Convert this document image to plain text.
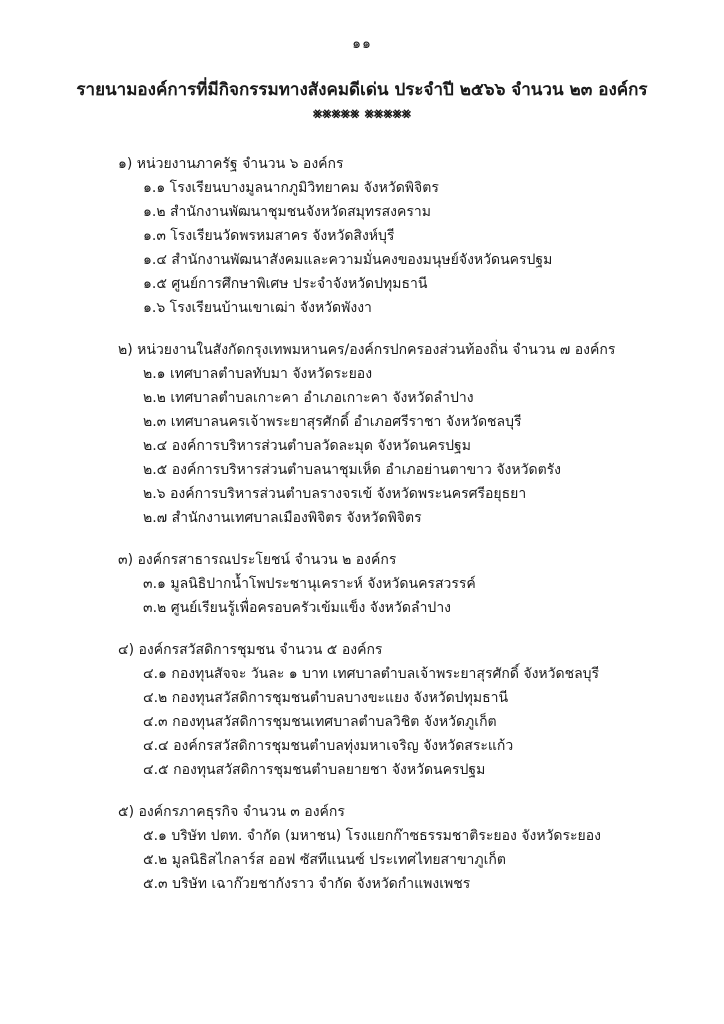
๑๑
รายนามองค์การที่มีกิจกรรมทางสังคมดีเด่น ประจำปี ๒๕๖๖ จำนวน ๒๓ องค์กร
⨳⨳⨳⨳⨳ ⨳⨳⨳⨳⨳
๑) หน่วยงานภาครัฐ จำนวน ๖ องค์กร
๑.๑ โรงเรียนบางมูลนากภูมิวิทยาคม จังหวัดพิจิตร
๑.๒ สำนักงานพัฒนาชุมชนจังหวัดสมุทรสงคราม
๑.๓ โรงเรียนวัดพรหมสาคร จังหวัดสิงห์บุรี
๑.๔ สำนักงานพัฒนาสังคมและความมั่นคงของมนุษย์จังหวัดนครปฐม
๑.๕ ศูนย์การศึกษาพิเศษ ประจำจังหวัดปทุมธานี
๑.๖ โรงเรียนบ้านเขาเฒ่า จังหวัดพังงา
๒) หน่วยงานในสังกัดกรุงเทพมหานคร/องค์กรปกครองส่วนท้องถิ่น จำนวน ๗ องค์กร
๒.๑ เทศบาลตำบลทับมา จังหวัดระยอง
๒.๒ เทศบาลตำบลเกาะคา อำเภอเกาะคา จังหวัดลำปาง
๒.๓ เทศบาลนครเจ้าพระยาสุรศักดิ์ อำเภอศรีราชา จังหวัดชลบุรี
๒.๔ องค์การบริหารส่วนตำบลวัดละมุด จังหวัดนครปฐม
๒.๕ องค์การบริหารส่วนตำบลนาชุมเห็ด อำเภอย่านตาขาว จังหวัดตรัง
๒.๖ องค์การบริหารส่วนตำบลรางจรเข้ จังหวัดพระนครศรีอยุธยา
๒.๗ สำนักงานเทศบาลเมืองพิจิตร จังหวัดพิจิตร
๓) องค์กรสาธารณประโยชน์ จำนวน ๒ องค์กร
๓.๑ มูลนิธิปากน้ำโพประชานุเคราะห์ จังหวัดนครสวรรค์
๓.๒ ศูนย์เรียนรู้เพื่อครอบครัวเข้มแข็ง จังหวัดลำปาง
๔) องค์กรสวัสดิการชุมชน จำนวน ๕ องค์กร
๔.๑ กองทุนสัจจะ วันละ ๑ บาท เทศบาลตำบลเจ้าพระยาสุรศักดิ์ จังหวัดชลบุรี
๔.๒ กองทุนสวัสดิการชุมชนตำบลบางขะแยง จังหวัดปทุมธานี
๔.๓ กองทุนสวัสดิการชุมชนเทศบาลตำบลวิชิต จังหวัดภูเก็ต
๔.๔ องค์กรสวัสดิการชุมชนตำบลทุ่งมหาเจริญ จังหวัดสระแก้ว
๔.๕ กองทุนสวัสดิการชุมชนตำบลยายชา จังหวัดนครปฐม
๕) องค์กรภาคธุรกิจ จำนวน ๓ องค์กร
๕.๑ บริษัท ปตท. จำกัด (มหาชน) โรงแยกก๊าซธรรมชาติระยอง จังหวัดระยอง
๕.๒ มูลนิธิสไกลาร์ส ออฟ ซัสทีแนนซ์ ประเทศไทยสาขาภูเก็ต
๕.๓ บริษัท เฉาก๊วยชากังราว จำกัด จังหวัดกำแพงเพชร
